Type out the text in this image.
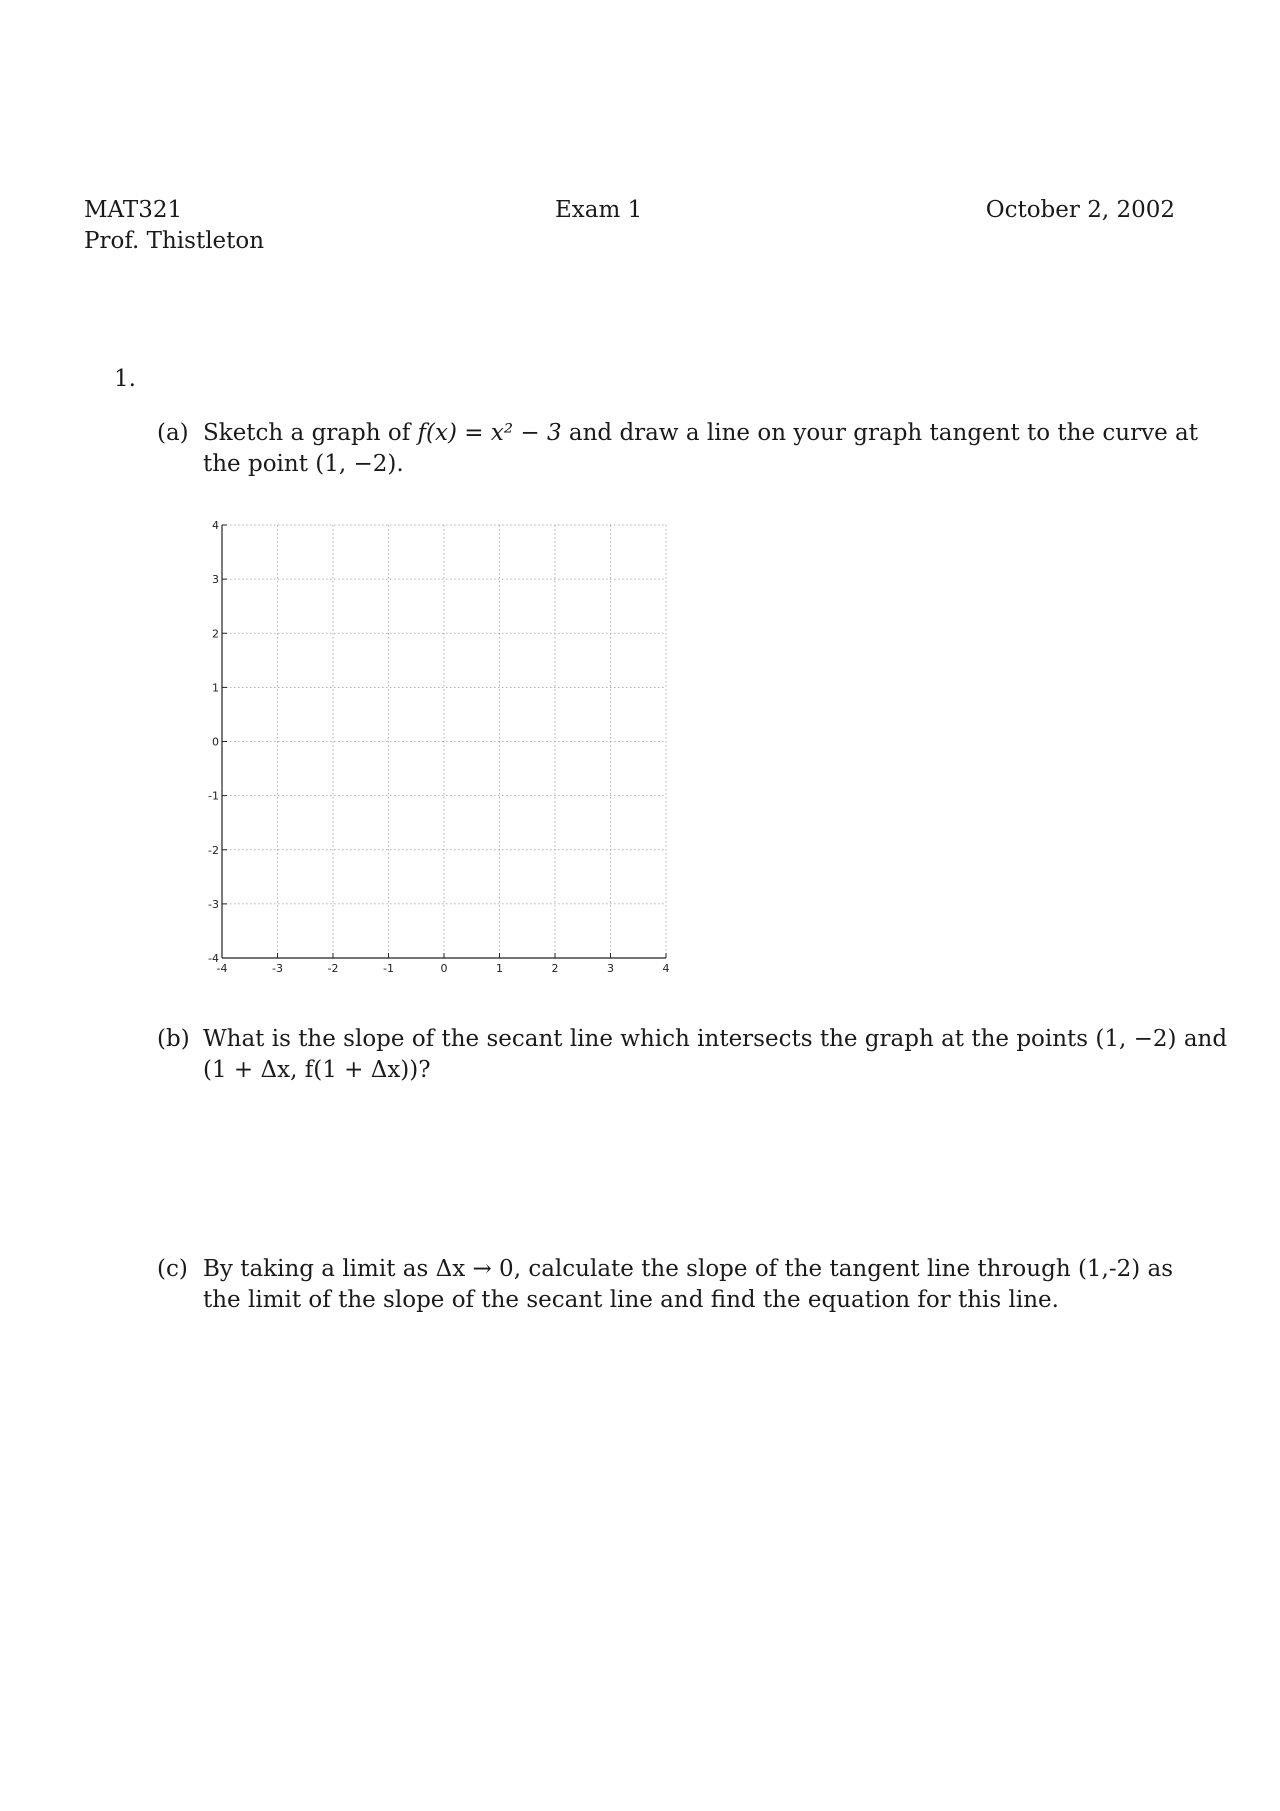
MAT321
Prof. Thistleton
Exam 1	October 2, 2002
1.
(a) Sketch a graph of f(x) = x² − 3 and draw a line on your graph tangent to the curve at
the point (1, −2).
-4	-3	-2	-1	0	1	2	3	4
-4
-3
-2
-1
0
1
2
3
4
(b) What is the slope of the secant line which intersects the graph at the points (1, −2) and
(1 + Δx, f(1 + Δx))?
(c) By taking a limit as Δx → 0, calculate the slope of the tangent line through (1,-2) as
the limit of the slope of the secant line and find the equation for this line.
